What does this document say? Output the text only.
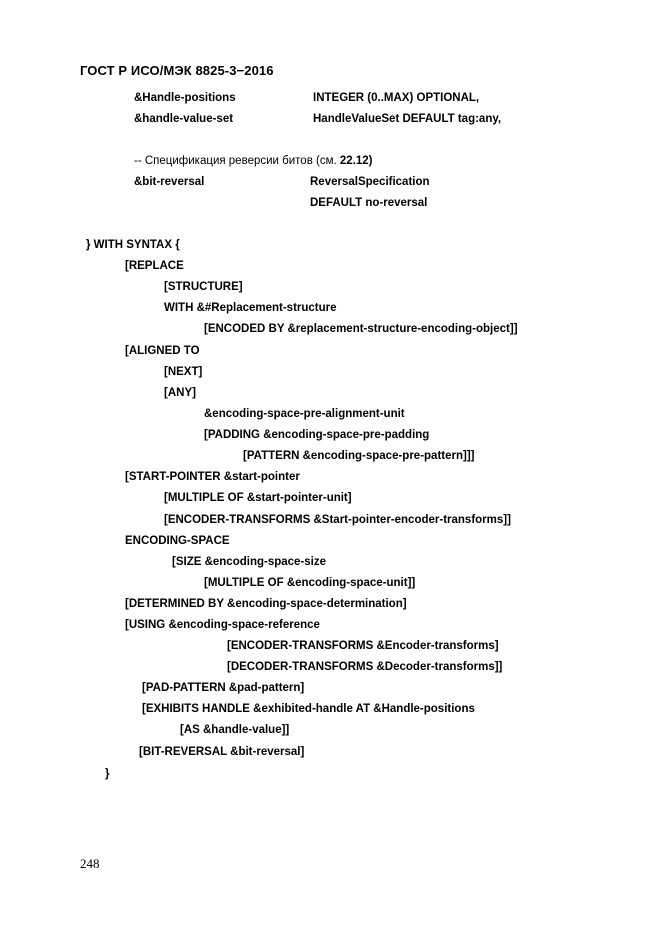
ГОСТ Р ИСО/МЭК 8825-3−2016
&Handle-positions	INTEGER (0..MAX) OPTIONAL,
&handle-value-set	HandleValueSet DEFAULT tag:any,
-- Спецификация реверсии битов (см. 22.12)
&bit-reversal	ReversalSpecification
DEFAULT no-reversal
} WITH SYNTAX {
[REPLACE
[STRUCTURE]
WITH &#Replacement-structure
[ENCODED BY &replacement-structure-encoding-object]]
[ALIGNED TO
[NEXT]
[ANY]
&encoding-space-pre-alignment-unit
[PADDING &encoding-space-pre-padding
[PATTERN &encoding-space-pre-pattern]]]
[START-POINTER &start-pointer
[MULTIPLE OF &start-pointer-unit]
[ENCODER-TRANSFORMS &Start-pointer-encoder-transforms]]
ENCODING-SPACE
[SIZE &encoding-space-size
[MULTIPLE OF &encoding-space-unit]]
[DETERMINED BY &encoding-space-determination]
[USING &encoding-space-reference
[ENCODER-TRANSFORMS &Encoder-transforms]
[DECODER-TRANSFORMS &Decoder-transforms]]
[PAD-PATTERN &pad-pattern]
[EXHIBITS HANDLE &exhibited-handle AT &Handle-positions
[AS &handle-value]]
[BIT-REVERSAL &bit-reversal]
}
248
